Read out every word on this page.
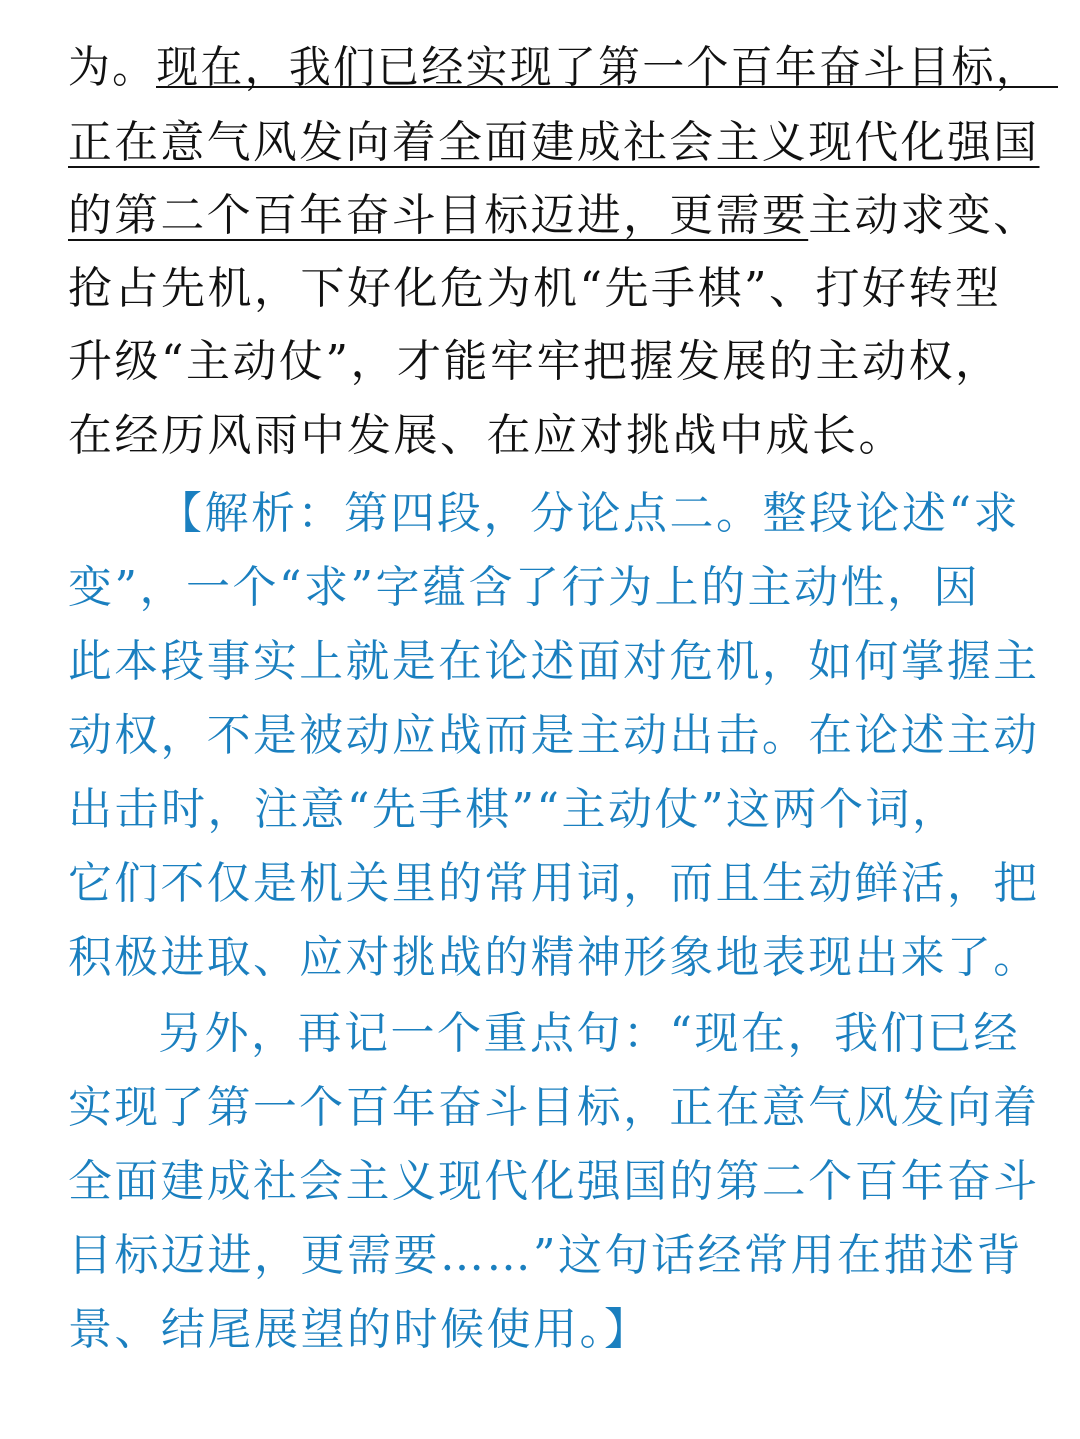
为。现在，我们已经实现了第一个百年奋斗目标，
正在意气风发向着全面建成社会主义现代化强国
的第二个百年奋斗目标迈进，更需要主动求变、
抢占先机，下好化危为机“先手棋”、打好转型
升级“主动仗”，才能牢牢把握发展的主动权，
在经历风雨中发展、在应对挑战中成长。
【解析：第四段，分论点二。整段论述“求
变”，一个“求”字蕴含了行为上的主动性，因
此本段事实上就是在论述面对危机，如何掌握主
动权，不是被动应战而是主动出击。在论述主动
出击时，注意“先手棋”“主动仗”这两个词，
它们不仅是机关里的常用词，而且生动鲜活，把
积极进取、应对挑战的精神形象地表现出来了。
另外，再记一个重点句：“现在，我们已经
实现了第一个百年奋斗目标，正在意气风发向着
全面建成社会主义现代化强国的第二个百年奋斗
目标迈进，更需要……”这句话经常用在描述背
景、结尾展望的时候使用。】
